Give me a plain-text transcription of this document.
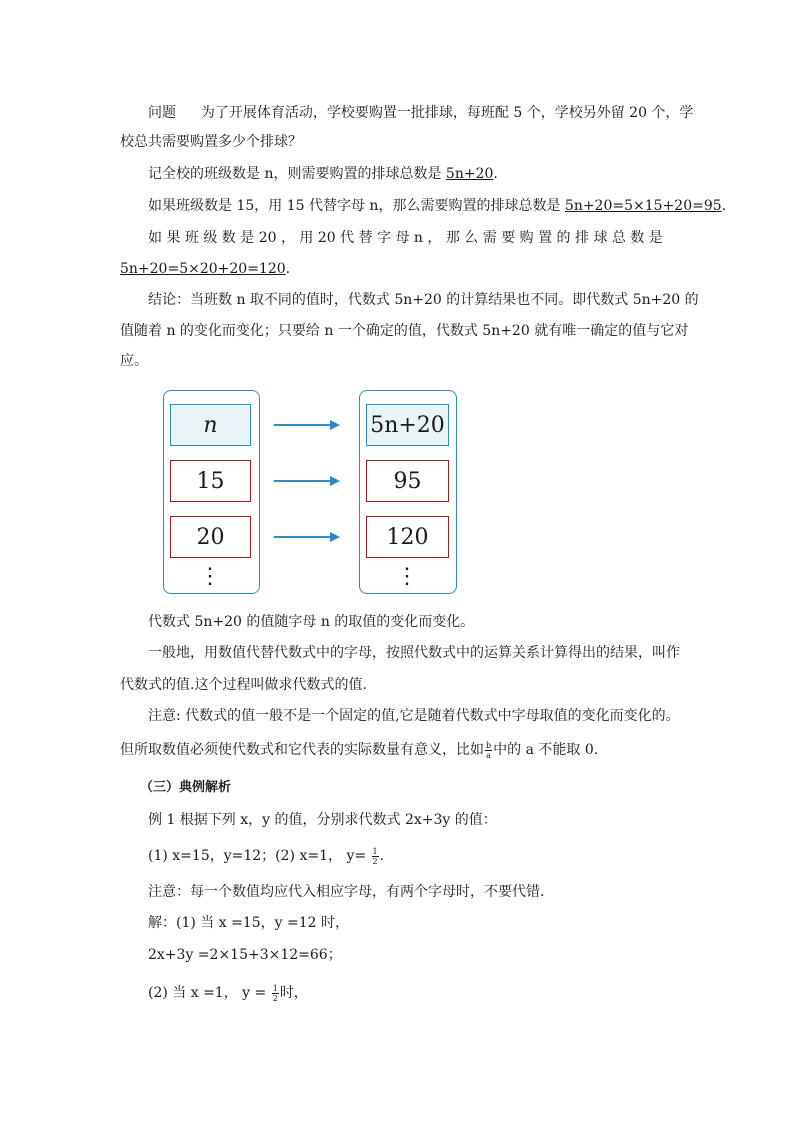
问题 为了开展体育活动，学校要购置一批排球，每班配 5 个，学校另外留 20 个，学
校总共需要购置多少个排球？
记全校的班级数是 n，则需要购置的排球总数是 5n+20.
如果班级数是 15，用 15 代替字母 n，那么需要购置的排球总数是 5n+20=5×15+20=95.
如 果 班 级 数 是 20 ， 用 20 代 替 字 母 n ， 那 么 需 要 购 置 的 排 球 总 数 是
5n+20=5×20+20=120.
结论：当班数 n 取不同的值时，代数式 5n+20 的计算结果也不同。即代数式 5n+20 的
值随着 n 的变化而变化；只要给 n 一个确定的值，代数式 5n+20 就有唯一确定的值与它对
应。
n
15
20
⋮
5n+20
95
120
⋮
代数式 5n+20 的值随字母 n 的取值的变化而变化。
一般地，用数值代替代数式中的字母，按照代数式中的运算关系计算得出的结果，叫作
代数式的值.这个过程叫做求代数式的值.
注意: 代数式的值一般不是一个固定的值,它是随着代数式中字母取值的变化而变化的。
但所取数值必须使代数式和它代表的实际数量有意义，比如 $\frac{b}{a}$ 中的 a 不能取 0.
（三）典例解析
例 1 根据下列 x，y 的值，分别求代数式 2x+3y 的值：
(1) x=15，y=12；(2) x=1， $y= \frac{1}{2}$ .
注意：每一个数值均应代入相应字母，有两个字母时，不要代错.
解：(1) 当 x =15，y =12 时，
2x+3y =2×15+3×12=66；
(2) 当 x =1， $y = \frac{1}{2}$ 时，
